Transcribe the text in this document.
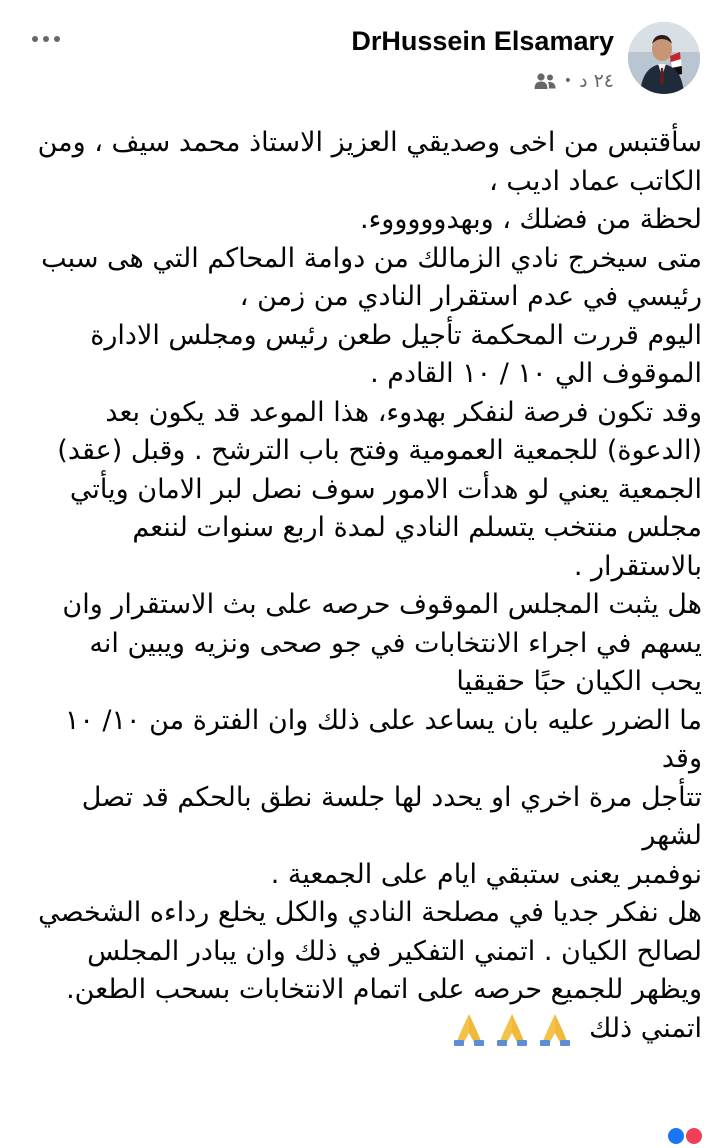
DrHussein Elsamary
• ٢٤ د

سأقتبس من اخى وصديقي العزيز الاستاذ محمد سيف ، ومن

الكاتب عماد اديب ،

لحظة من فضلك ، وبهدوووووء.

متى سيخرج نادي الزمالك من دوامة المحاكم التي هى سبب

رئيسي في عدم استقرار النادي من زمن ،

اليوم قررت المحكمة تأجيل طعن رئيس ومجلس الادارة

الموقوف الي ١٠ / ١٠ القادم .

وقد تكون فرصة لنفكر بهدوء، هذا الموعد قد يكون بعد

(الدعوة) للجمعية العمومية وفتح باب الترشح . وقبل (عقد)

الجمعية يعني لو هدأت الامور سوف نصل لبر الامان ويأتي

مجلس منتخب يتسلم النادي لمدة اربع سنوات لننعم

بالاستقرار .

هل يثبت المجلس الموقوف حرصه على بث الاستقرار وان

يسهم في اجراء الانتخابات في جو صحى ونزيه ويبين انه

يحب الكيان حبًا حقيقيا

ما الضرر عليه بان يساعد على ذلك وان الفترة من ١٠/ ١٠ وقد

تتأجل مرة اخري او يحدد لها جلسة نطق بالحكم قد تصل لشهر

نوفمبر يعنى ستبقي ايام على الجمعية .

هل نفكر جديا في مصلحة النادي والكل يخلع رداءه الشخصي

لصالح الكيان . اتمني التفكير في ذلك وان يبادر المجلس

ويظهر للجميع حرصه على اتمام الانتخابات بسحب الطعن.

اتمني ذلك
